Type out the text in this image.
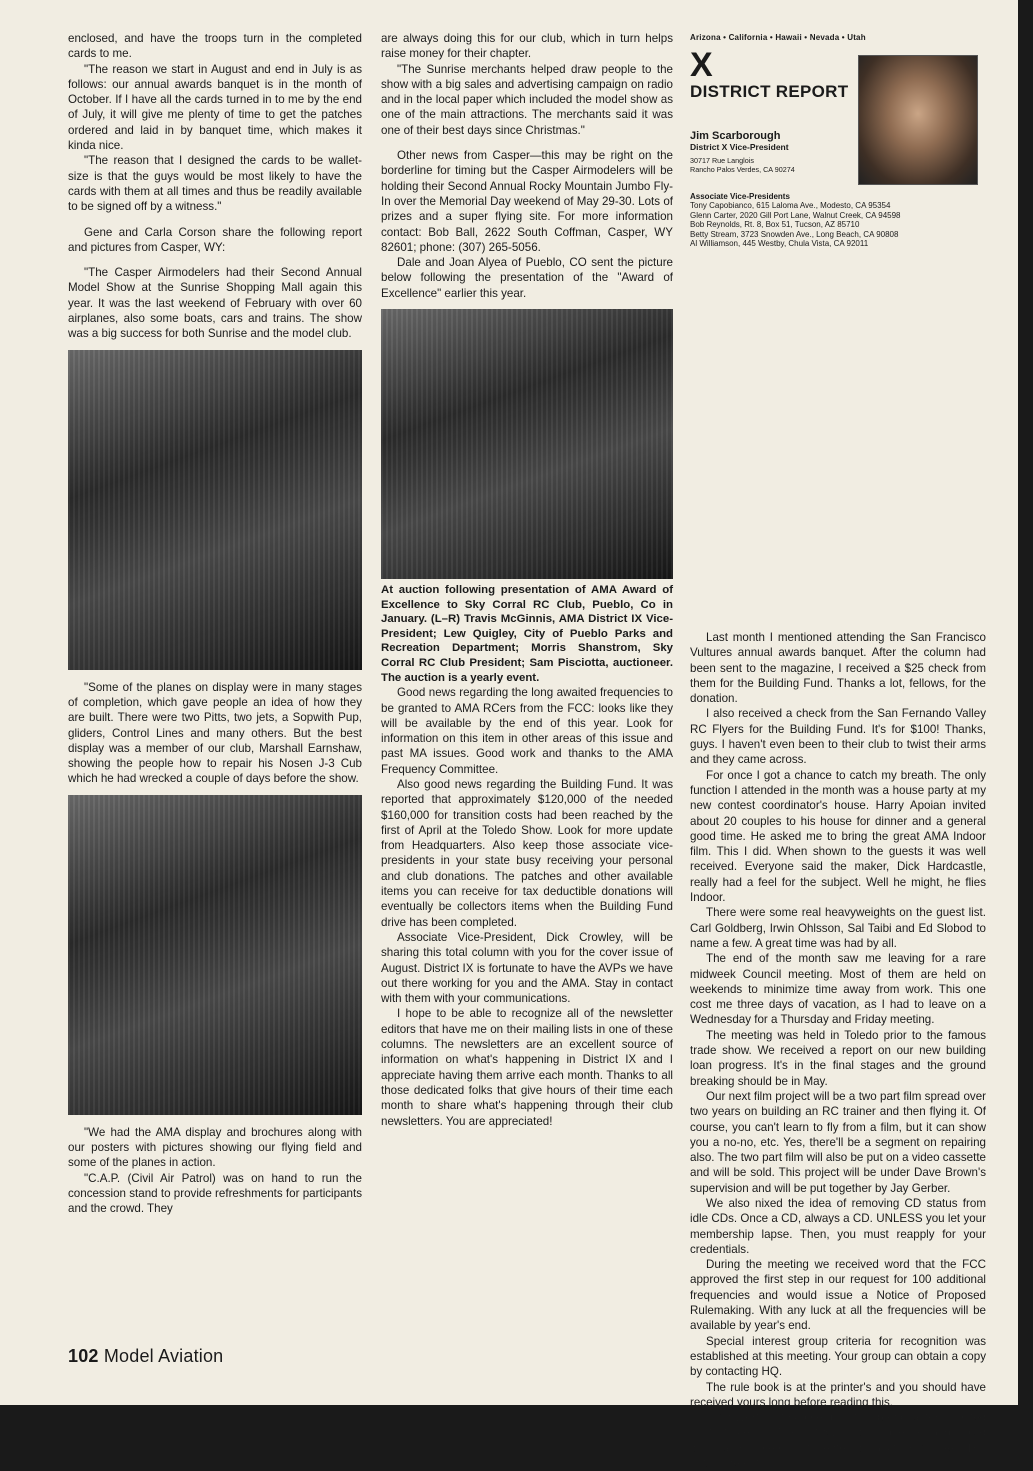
enclosed, and have the troops turn in the completed cards to me.

"The reason we start in August and end in July is as follows: our annual awards banquet is in the month of October. If I have all the cards turned in to me by the end of July, it will give me plenty of time to get the patches ordered and laid in by banquet time, which makes it kinda nice.

"The reason that I designed the cards to be wallet-size is that the guys would be most likely to have the cards with them at all times and thus be readily available to be signed off by a witness."

Gene and Carla Corson share the following report and pictures from Casper, WY:

"The Casper Airmodelers had their Second Annual Model Show at the Sunrise Shopping Mall again this year. It was the last weekend of February with over 60 airplanes, also some boats, cars and trains. The show was a big success for both Sunrise and the model club.

"Some of the planes on display were in many stages of completion, which gave people an idea of how they are built. There were two Pitts, two jets, a Sopwith Pup, gliders, Control Lines and many others. But the best display was a member of our club, Marshall Earnshaw, showing the people how to repair his Nosen J-3 Cub which he had wrecked a couple of days before the show.

"We had the AMA display and brochures along with our posters with pictures showing our flying field and some of the planes in action.

"C.A.P. (Civil Air Patrol) was on hand to run the concession stand to provide refreshments for participants and the crowd. They

are always doing this for our club, which in turn helps raise money for their chapter.

"The Sunrise merchants helped draw people to the show with a big sales and advertising campaign on radio and in the local paper which included the model show as one of the main attractions. The merchants said it was one of their best days since Christmas."

Other news from Casper—this may be right on the borderline for timing but the Casper Airmodelers will be holding their Second Annual Rocky Mountain Jumbo Fly-In over the Memorial Day weekend of May 29-30. Lots of prizes and a super flying site. For more information contact: Bob Ball, 2622 South Coffman, Casper, WY 82601; phone: (307) 265-5056.

Dale and Joan Alyea of Pueblo, CO sent the picture below following the presentation of the "Award of Excellence" earlier this year.

At auction following presentation of AMA Award of Excellence to Sky Corral RC Club, Pueblo, Co in January. (L–R) Travis McGinnis, AMA District IX Vice-President; Lew Quigley, City of Pueblo Parks and Recreation Department; Morris Shanstrom, Sky Corral RC Club President; Sam Pisciotta, auctioneer. The auction is a yearly event.

Good news regarding the long awaited frequencies to be granted to AMA RCers from the FCC: looks like they will be available by the end of this year. Look for information on this item in other areas of this issue and past MA issues. Good work and thanks to the AMA Frequency Committee.

Also good news regarding the Building Fund. It was reported that approximately $120,000 of the needed $160,000 for transition costs had been reached by the first of April at the Toledo Show. Look for more update from Headquarters. Also keep those associate vice-presidents in your state busy receiving your personal and club donations. The patches and other available items you can receive for tax deductible donations will eventually be collectors items when the Building Fund drive has been completed.

Associate Vice-President, Dick Crowley, will be sharing this total column with you for the cover issue of August. District IX is fortunate to have the AVPs we have out there working for you and the AMA. Stay in contact with them with your communications.

I hope to be able to recognize all of the newsletter editors that have me on their mailing lists in one of these columns. The newsletters are an excellent source of information on what's happening in District IX and I appreciate having them arrive each month. Thanks to all those dedicated folks that give hours of their time each month to share what's happening through their club newsletters. You are appreciated!

Arizona • California • Hawaii • Nevada • Utah
X
DISTRICT REPORT
Jim Scarborough
District X Vice-President
30717 Rue Langlois
Rancho Palos Verdes, CA 90274
Associate Vice-Presidents
Tony Capobianco, 615 Laloma Ave., Modesto, CA 95354
Glenn Carter, 2020 Gill Port Lane, Walnut Creek, CA 94598
Bob Reynolds, Rt. 8, Box 51, Tucson, AZ 85710
Betty Stream, 3723 Snowden Ave., Long Beach, CA 90808
Al Williamson, 445 Westby, Chula Vista, CA 92011

Last month I mentioned attending the San Francisco Vultures annual awards banquet. After the column had been sent to the magazine, I received a $25 check from them for the Building Fund. Thanks a lot, fellows, for the donation.

I also received a check from the San Fernando Valley RC Flyers for the Building Fund. It's for $100! Thanks, guys. I haven't even been to their club to twist their arms and they came across.

For once I got a chance to catch my breath. The only function I attended in the month was a house party at my new contest coordinator's house. Harry Apoian invited about 20 couples to his house for dinner and a general good time. He asked me to bring the great AMA Indoor film. This I did. When shown to the guests it was well received. Everyone said the maker, Dick Hardcastle, really had a feel for the subject. Well he might, he flies Indoor.

There were some real heavyweights on the guest list. Carl Goldberg, Irwin Ohlsson, Sal Taibi and Ed Slobod to name a few. A great time was had by all.

The end of the month saw me leaving for a rare midweek Council meeting. Most of them are held on weekends to minimize time away from work. This one cost me three days of vacation, as I had to leave on a Wednesday for a Thursday and Friday meeting.

The meeting was held in Toledo prior to the famous trade show. We received a report on our new building loan progress. It's in the final stages and the ground breaking should be in May.

Our next film project will be a two part film spread over two years on building an RC trainer and then flying it. Of course, you can't learn to fly from a film, but it can show you a no-no, etc. Yes, there'll be a segment on repairing also. The two part film will also be put on a video cassette and will be sold. This project will be under Dave Brown's supervision and will be put together by Jay Gerber.

We also nixed the idea of removing CD status from idle CDs. Once a CD, always a CD. UNLESS you let your membership lapse. Then, you must reapply for your credentials.

During the meeting we received word that the FCC approved the first step in our request for 100 additional frequencies and would issue a Notice of Proposed Rulemaking. With any luck at all the frequencies will be available by year's end.

Special interest group criteria for recognition was established at this meeting. Your group can obtain a copy by contacting HQ.

The rule book is at the printer's and you should have received yours long before reading this.

John Worth is to come up with a proposal for a limited contest license. A fee of $10 was suggested and would allow a non-member to enter a sanctioned meet. The details need to

102 Model Aviation
